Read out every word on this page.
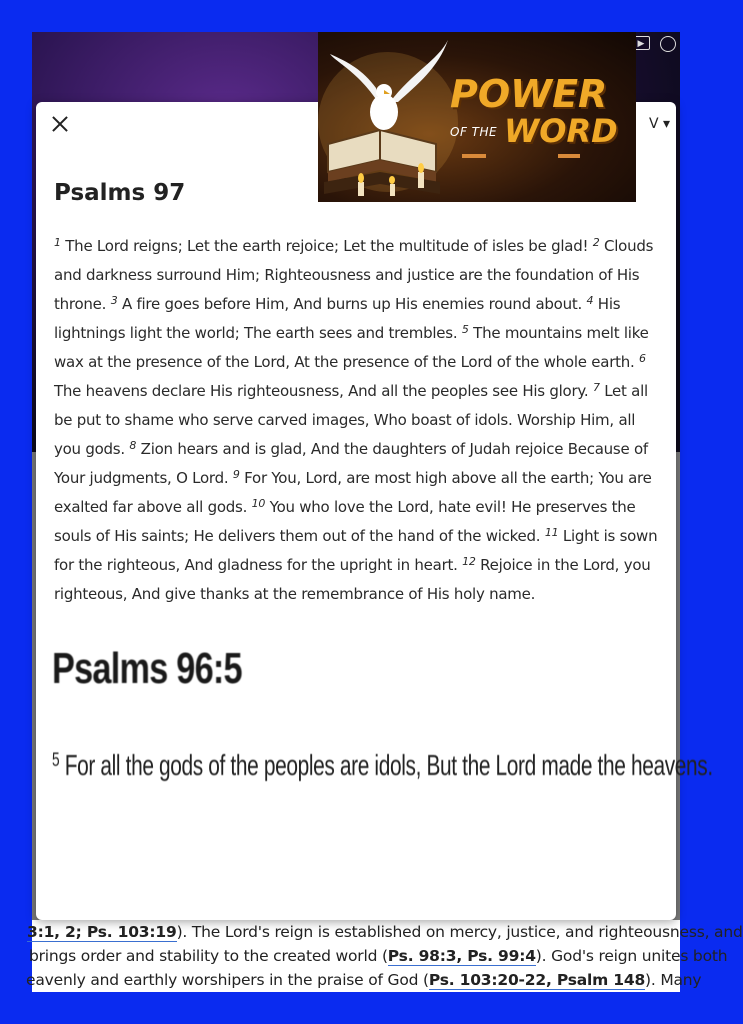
▶

3:1, 2; Ps. 103:19). The Lord's reign is established on mercy, justice, and righteousness, and

brings order and stability to the created world (Ps. 98:3, Ps. 99:4). God's reign unites both

eavenly and earthly worshipers in the praise of God (Ps. 103:20-22, Psalm 148). Many

V ▾
Psalms 97

$^1$ The Lord reigns; Let the earth rejoice; Let the multitude of isles be glad! $^2$ Clouds and darkness surround Him; Righteousness and justice are the foundation of His throne. $^3$ A fire goes before Him, And burns up His enemies round about. $^4$ His lightnings light the world; The earth sees and trembles. $^5$ The mountains melt like wax at the presence of the Lord, At the presence of the Lord of the whole earth. $^6$ The heavens declare His righteousness, And all the peoples see His glory. $^7$ Let all be put to shame who serve carved images, Who boast of idols. Worship Him, all you gods. $^8$ Zion hears and is glad, And the daughters of Judah rejoice Because of Your judgments, O Lord. $^9$ For You, Lord, are most high above all the earth; You are exalted far above all gods. $^{10}$ You who love the Lord, hate evil! He preserves the souls of His saints; He delivers them out of the hand of the wicked. $^{11}$ Light is sown for the righteous, And gladness for the upright in heart. $^{12}$ Rejoice in the Lord, you righteous, And give thanks at the remembrance of His holy name.

Psalms 96:5

$^5$ For all the gods of the peoples are idols, But the Lord made the heavens.

POWER

OF THE WORD
